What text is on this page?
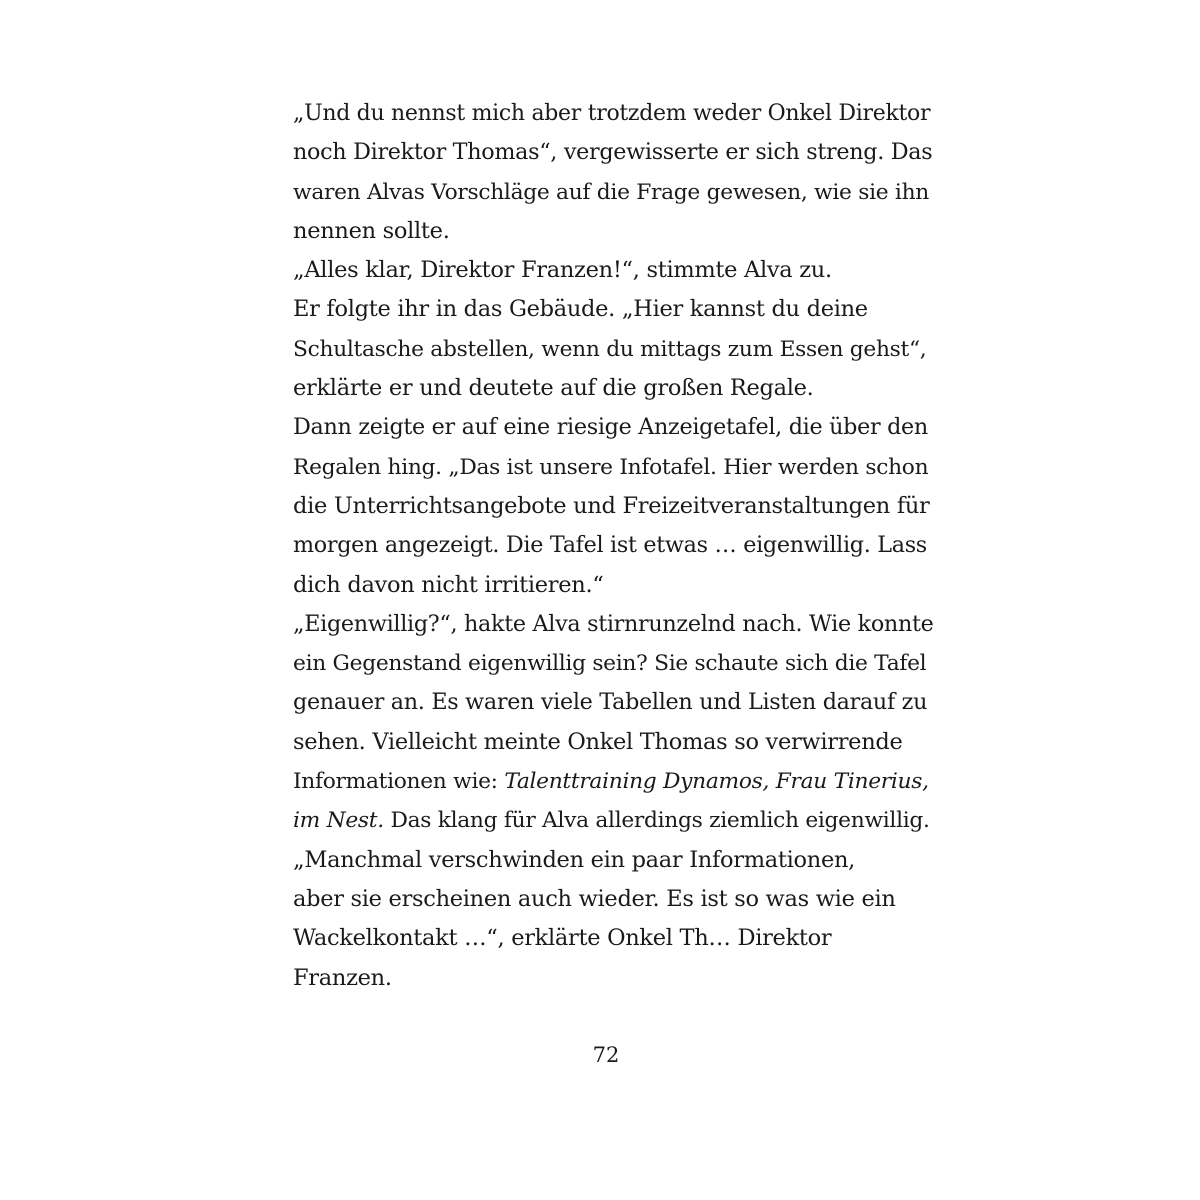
„Und du nennst mich aber trotzdem weder Onkel Direktor
noch Direktor Thomas“, vergewisserte er sich streng. Das
waren Alvas Vorschläge auf die Frage gewesen, wie sie ihn
nennen sollte.
„Alles klar, Direktor Franzen!“, stimmte Alva zu.
Er folgte ihr in das Gebäude. „Hier kannst du deine
Schultasche abstellen, wenn du mittags zum Essen gehst“,
erklärte er und deutete auf die großen Regale.
Dann zeigte er auf eine riesige Anzeigetafel, die über den
Regalen hing. „Das ist unsere Infotafel. Hier werden schon
die Unterrichtsangebote und Freizeitveranstaltungen für
morgen angezeigt. Die Tafel ist etwas … eigenwillig. Lass
dich davon nicht irritieren.“
„Eigenwillig?“, hakte Alva stirnrunzelnd nach. Wie konnte
ein Gegenstand eigenwillig sein? Sie schaute sich die Tafel
genauer an. Es waren viele Tabellen und Listen darauf zu
sehen. Vielleicht meinte Onkel Thomas so verwirrende
Informationen wie: Talenttraining Dynamos, Frau Tinerius,
im Nest. Das klang für Alva allerdings ziemlich eigenwillig.
„Manchmal verschwinden ein paar Informationen,
aber sie erscheinen auch wieder. Es ist so was wie ein
Wackelkontakt …“, erklärte Onkel Th… Direktor
Franzen.
72
